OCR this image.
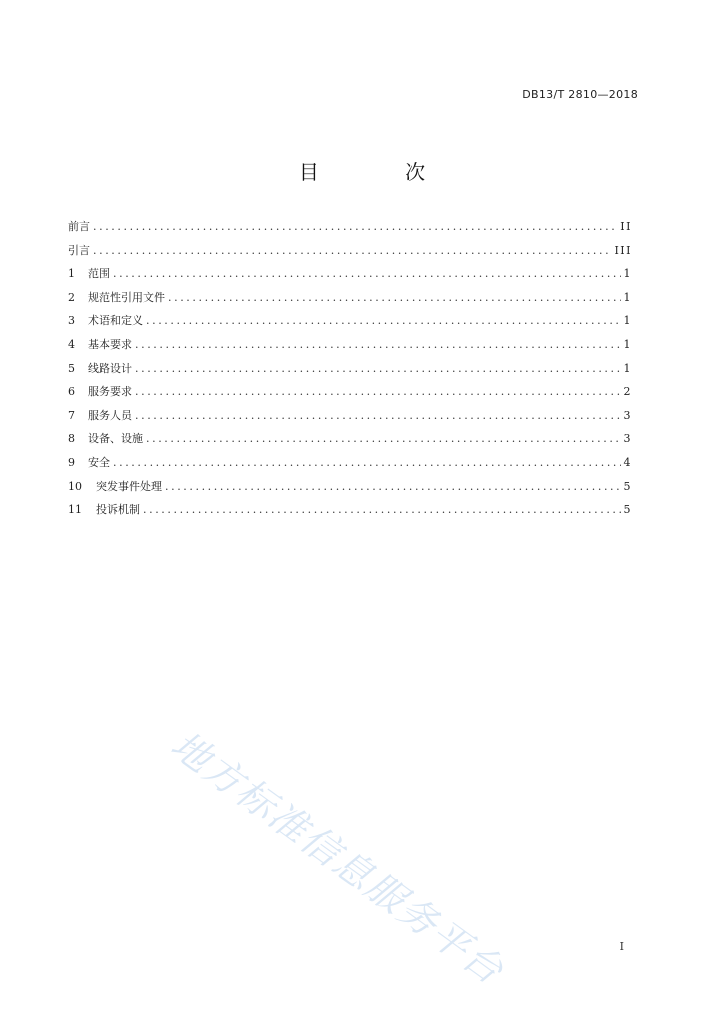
DB13/T 2810—2018
目 次
前言 .....	II
引言 .....	III
1	范围 .....	1
2	规范性引用文件 .....	1
3	术语和定义 .....	1
4	基本要求 .....	1
5	线路设计 .....	1
6	服务要求 .....	2
7	服务人员 .....	3
8	设备、设施 .....	3
9	安全 .....	4
10	突发事件处理 .....	5
11	投诉机制 .....	5
地方标准信息服务平台	I
